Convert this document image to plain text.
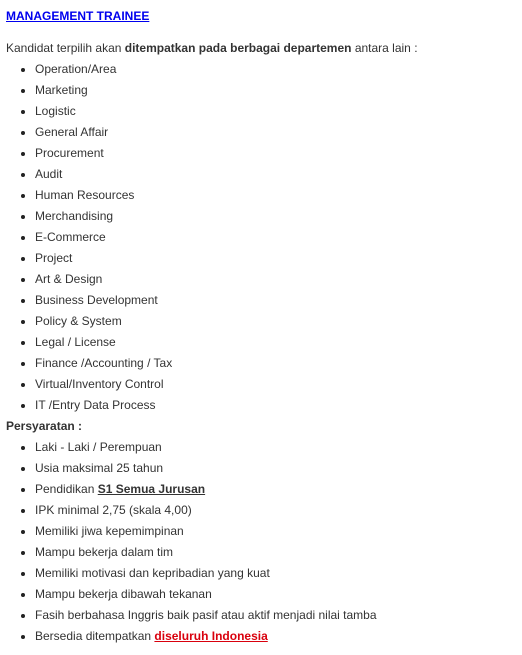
MANAGEMENT TRAINEE
Kandidat terpilih akan ditempatkan pada berbagai departemen antara lain :
Operation/Area
Marketing
Logistic
General Affair
Procurement
Audit
Human Resources
Merchandising
E-Commerce
Project
Art & Design
Business Development
Policy & System
Legal / License
Finance /Accounting / Tax
Virtual/Inventory Control
IT /Entry Data Process
Persyaratan :
Laki - Laki / Perempuan
Usia maksimal 25 tahun
Pendidikan S1 Semua Jurusan
IPK minimal 2,75 (skala 4,00)
Memiliki jiwa kepemimpinan
Mampu bekerja dalam tim
Memiliki motivasi dan kepribadian yang kuat
Mampu bekerja dibawah tekanan
Fasih berbahasa Inggris baik pasif atau aktif menjadi nilai tamba
Bersedia ditempatkan diseluruh Indonesia
